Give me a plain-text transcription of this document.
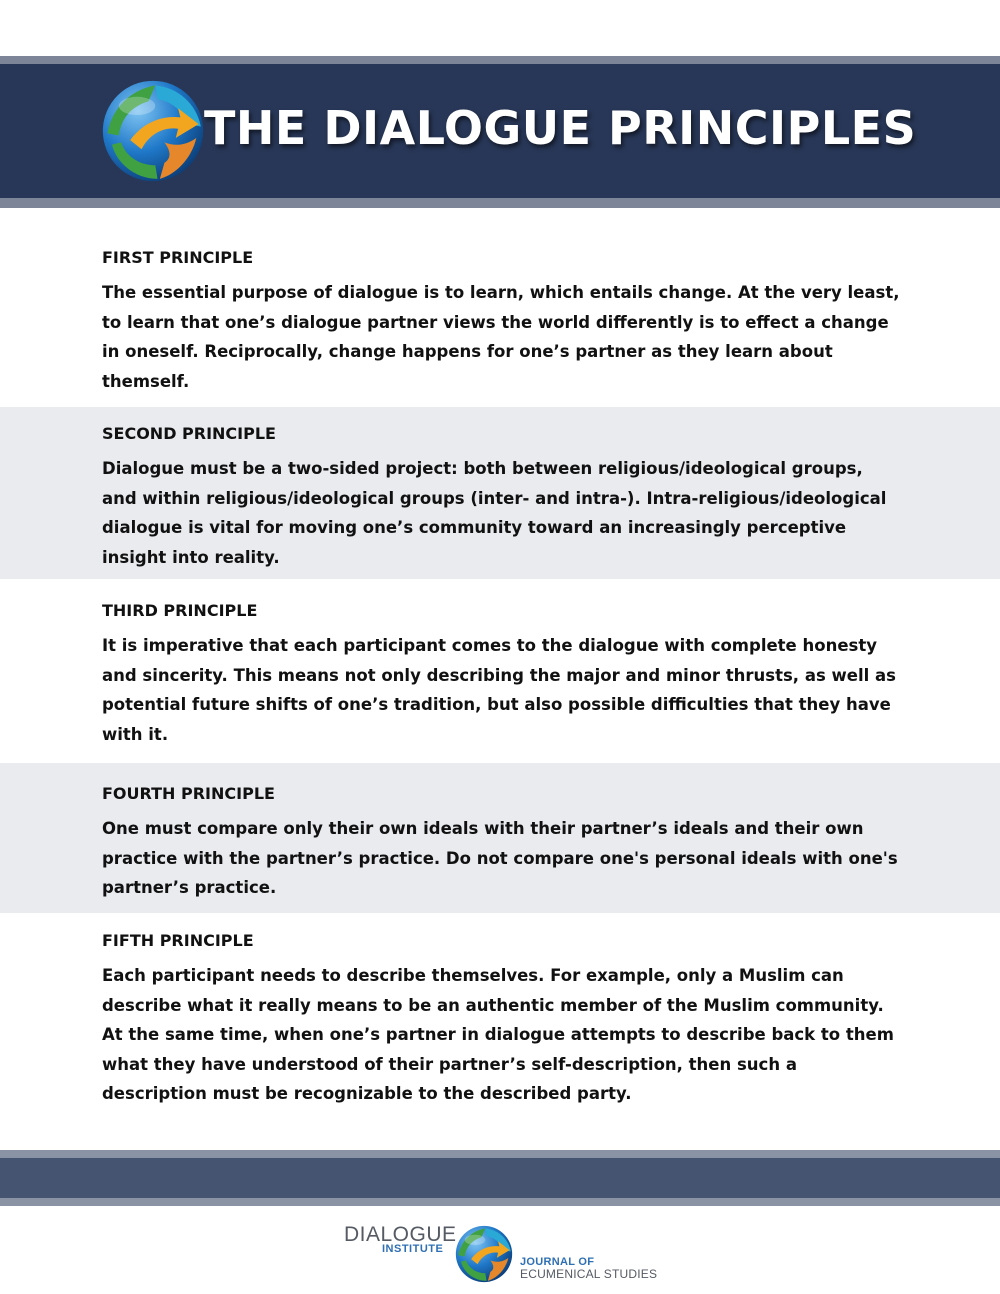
THE DIALOGUE PRINCIPLES
FIRST PRINCIPLE

The essential purpose of dialogue is to learn, which entails change. At the very least, to learn that one’s dialogue partner views the world differently is to effect a change in oneself. Reciprocally, change happens for one’s partner as they learn about themself.

SECOND PRINCIPLE

Dialogue must be a two-sided project: both between religious/ideological groups, and within religious/ideological groups (inter- and intra-). Intra-religious/ideological dialogue is vital for moving one’s community toward an increasingly perceptive insight into reality.

THIRD PRINCIPLE

It is imperative that each participant comes to the dialogue with complete honesty and sincerity. This means not only describing the major and minor thrusts, as well as potential future shifts of one’s tradition, but also possible difficulties that they have with it.

FOURTH PRINCIPLE

One must compare only their own ideals with their partner’s ideals and their own practice with the partner’s practice. Do not compare one's personal ideals with one's partner’s practice.

FIFTH PRINCIPLE

Each participant needs to describe themselves. For example, only a Muslim can describe what it really means to be an authentic member of the Muslim community. At the same time, when one’s partner in dialogue attempts to describe back to them what they have understood of their partner’s self-description, then such a description must be recognizable to the described party.

DIALOGUE
INSTITUTE
JOURNAL OF
ECUMENICAL STUDIES
